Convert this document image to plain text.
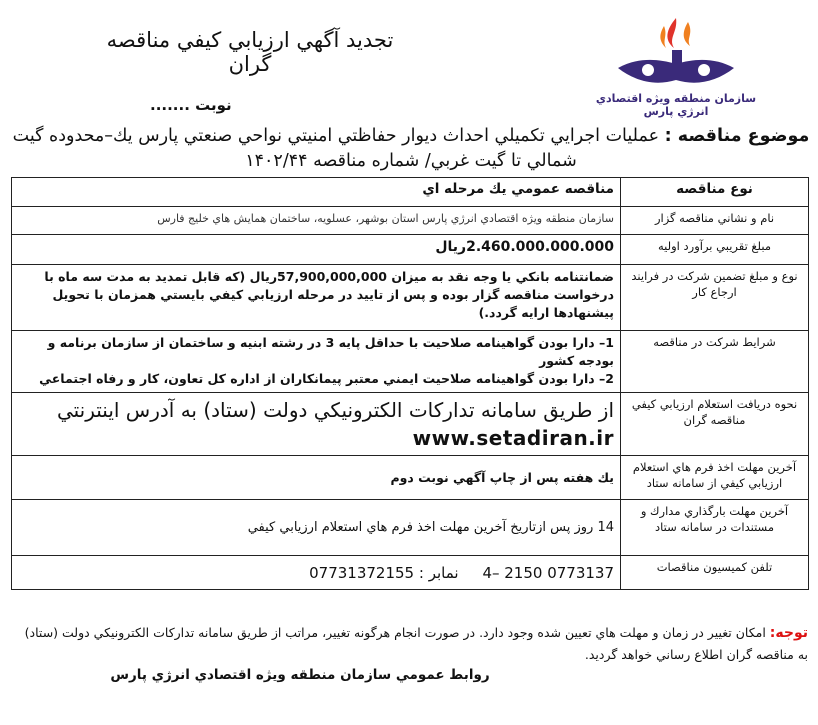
تجديد آگهي ارزيابي كيفي مناقصه گران
سازمان منطقه ويژه اقتصادي انرژي پارس
نوبت .......
موضوع مناقصه : عمليات اجرايي تكميلي احداث ديوار حفاظتي امنيتي نواحي صنعتي پارس يك–محدوده گيت شمالي تا گيت غربي/ شماره مناقصه ۱۴۰۲/۴۴
نوع مناقصه	مناقصه عمومي يك مرحله اي
نام و نشاني مناقصه گزار	سازمان منطقه ويژه اقتصادي انرژي پارس استان بوشهر، عسلويه، ساختمان همايش هاي خليج فارس
مبلغ تقريبي برآورد اوليه	2.460.000.000.000ريال
نوع و مبلغ تضمين شركت در فرايند ارجاع كار	ضمانتنامه بانكي يا وجه نقد به ميزان 57,900,000,000ريال (كه قابل تمديد به مدت سه ماه با درخواست مناقصه گزار بوده و پس از تاييد در مرحله ارزيابي كيفي بايستي همزمان با تحويل پيشنهادها ارايه گردد.)
شرايط شركت در مناقصه	1– دارا بودن گواهينامه صلاحيت با حداقل پايه 3 در رشته ابنيه و ساختمان از سازمان برنامه و بودجه كشور
2– دارا بودن گواهينامه صلاحيت ايمني معتبر پيمانكاران از اداره كل تعاون، كار و رفاه اجتماعي

نحوه دريافت استعلام ارزيابي كيفي مناقصه گران	از طريق سامانه تداركات الكترونيكي دولت (ستاد) به آدرس اينترنتي
www.setadiran.ir

آخرين مهلت اخذ فرم هاي استعلام ارزيابي كيفي از سامانه ستاد	يك هفته پس از چاپ آگهي نوبت دوم
آخرين مهلت بارگذاري مدارك و مستندات در سامانه ستاد	14 روز پس ازتاريخ آخرين مهلت اخذ فرم هاي استعلام ارزيابي كيفي
تلفن كميسيون مناقصات	4– 2150 0773137     نمابر : 07731372155
توجه: امكان تغيير در زمان و مهلت هاي تعيين شده وجود دارد. در صورت انجام هرگونه تغيير، مراتب از طريق سامانه تداركات الكترونيكي دولت (ستاد) به مناقصه گران اطلاع رساني خواهد گرديد.
روابط عمومي سازمان منطقه ويژه اقتصادي انرژي پارس
